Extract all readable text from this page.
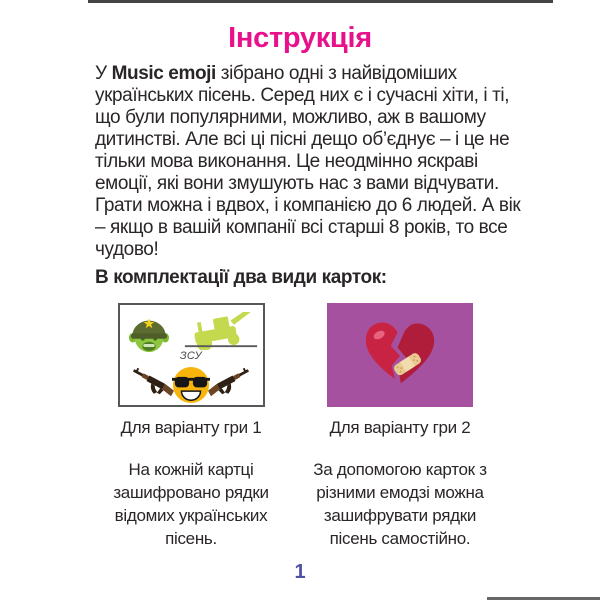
Інструкція

У Music emoji зібрано одні з найвідоміших українських пісень. Серед них є і сучасні хіти, і ті, що були популярними, можливо, аж в вашому дитинстві. Але всі ці пісні дещо об’єднує – і це не тільки мова виконання. Це неодмінно яскраві емоції, які вони змушують нас з вами відчувати. Грати можна і вдвох, і компанією до 6 людей. А вік – якщо в вашій компанії всі старші 8 років, то все чудово!

В комплектації два види карток:

ЗСУ
Для варіанту гри 1

На кожній картці зашифровано рядки відомих українських пісень.

Для варіанту гри 2

За допомогою карток з різними емодзі можна зашифрувати рядки пісень самостійно.

1
